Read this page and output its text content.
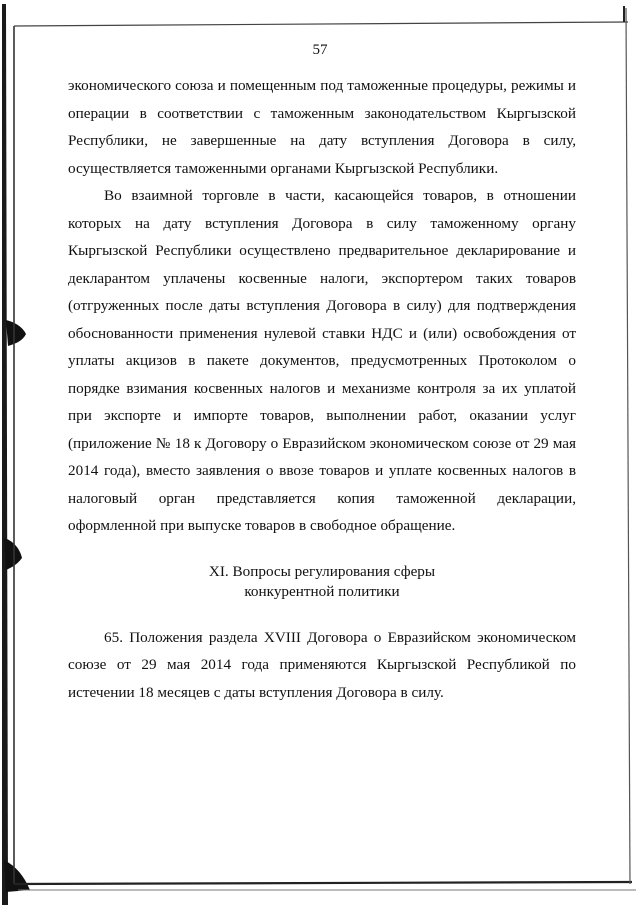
57

экономического союза и помещенным под таможенные процедуры, режимы и операции в соответствии с таможенным законодательством Кыргызской Республики, не завершенные на дату вступления Договора в силу, осуществляется таможенными органами Кыргызской Республики.

Во взаимной торговле в части, касающейся товаров, в отношении которых на дату вступления Договора в силу таможенному органу Кыргызской Республики осуществлено предварительное декларирование и декларантом уплачены косвенные налоги, экспортером таких товаров (отгруженных после даты вступления Договора в силу) для подтверждения обоснованности применения нулевой ставки НДС и (или) освобождения от уплаты акцизов в пакете документов, предусмотренных Протоколом о порядке взимания косвенных налогов и механизме контроля за их уплатой при экспорте и импорте товаров, выполнении работ, оказании услуг (приложение № 18 к Договору о Евразийском экономическом союзе от 29 мая 2014 года), вместо заявления о ввозе товаров и уплате косвенных налогов в налоговый орган представляется копия таможенной декларации, оформленной при выпуске товаров в свободное обращение.

XI. Вопросы регулирования сферы
конкурентной политики

65. Положения раздела XVIII Договора о Евразийском экономическом союзе от 29 мая 2014 года применяются Кыргызской Республикой по истечении 18 месяцев с даты вступления Договора в силу.
